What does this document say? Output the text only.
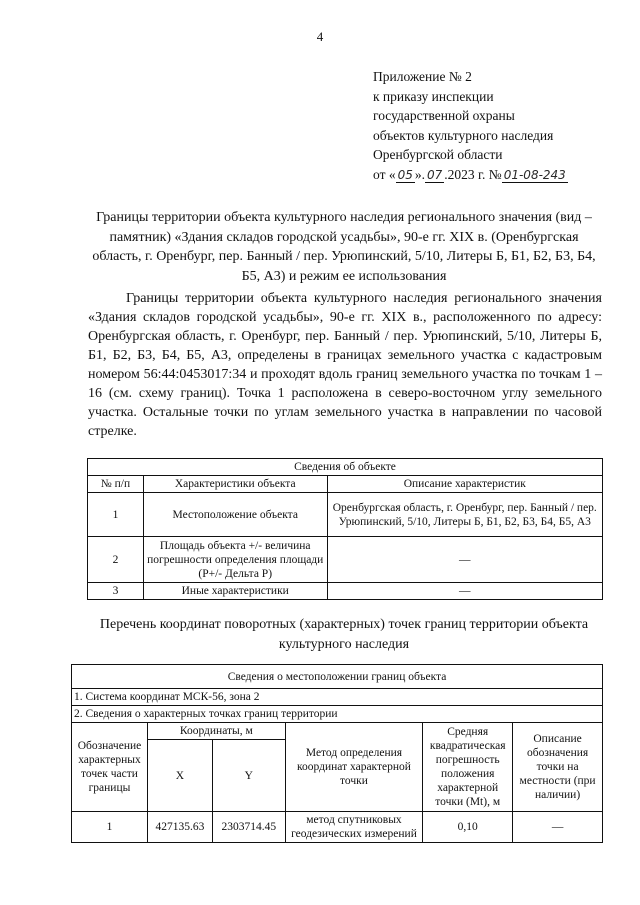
4
Приложение № 2
к приказу инспекции
государственной охраны
объектов культурного наследия
Оренбургской области
от « 05 ». 07 .2023 г. № 01-08-243
Границы территории объекта культурного наследия регионального значения (вид – памятник) «Здания складов городской усадьбы», 90-е гг. XIX в. (Оренбургская область, г. Оренбург, пер. Банный / пер. Урюпинский, 5/10, Литеры Б, Б1, Б2, Б3, Б4, Б5, А3) и режим ее использования
Границы территории объекта культурного наследия регионального значения «Здания складов городской усадьбы», 90-е гг. XIX в., расположенного по адресу: Оренбургская область, г. Оренбург, пер. Банный / пер. Урюпинский, 5/10, Литеры Б, Б1, Б2, Б3, Б4, Б5, А3, определены в границах земельного участка с кадастровым номером 56:44:0453017:34 и проходят вдоль границ земельного участка по точкам 1 – 16 (см. схему границ). Точка 1 расположена в северо-восточном углу земельного участка. Остальные точки по углам земельного участка в направлении по часовой стрелке.
Сведения об объекте		
№ п/п	Характеристики объекта	Описание характеристик
1	Местоположение объекта	Оренбургская область, г. Оренбург, пер. Банный / пер. Урюпинский, 5/10, Литеры Б, Б1, Б2, Б3, Б4, Б5, А3
2	Площадь объекта +/- величина погрешности определения площади (Р+/- Дельта Р)	—
3	Иные характеристики	—
Перечень координат поворотных (характерных) точек границ территории объекта культурного наследия
Сведения о местоположении границ объекта					
1. Система координат МСК-56, зона 2					
2. Сведения о характерных точках границ территории					
Обозначение характерных точек части границы	Координаты, м		Метод определения координат характерной точки	Средняя квадратическая погрешность положения характерной точки (Mt), м	Описание обозначения точки на местности (при наличии)
	X	Y			
1	427135.63	2303714.45	метод спутниковых геодезических измерений	0,10	—
